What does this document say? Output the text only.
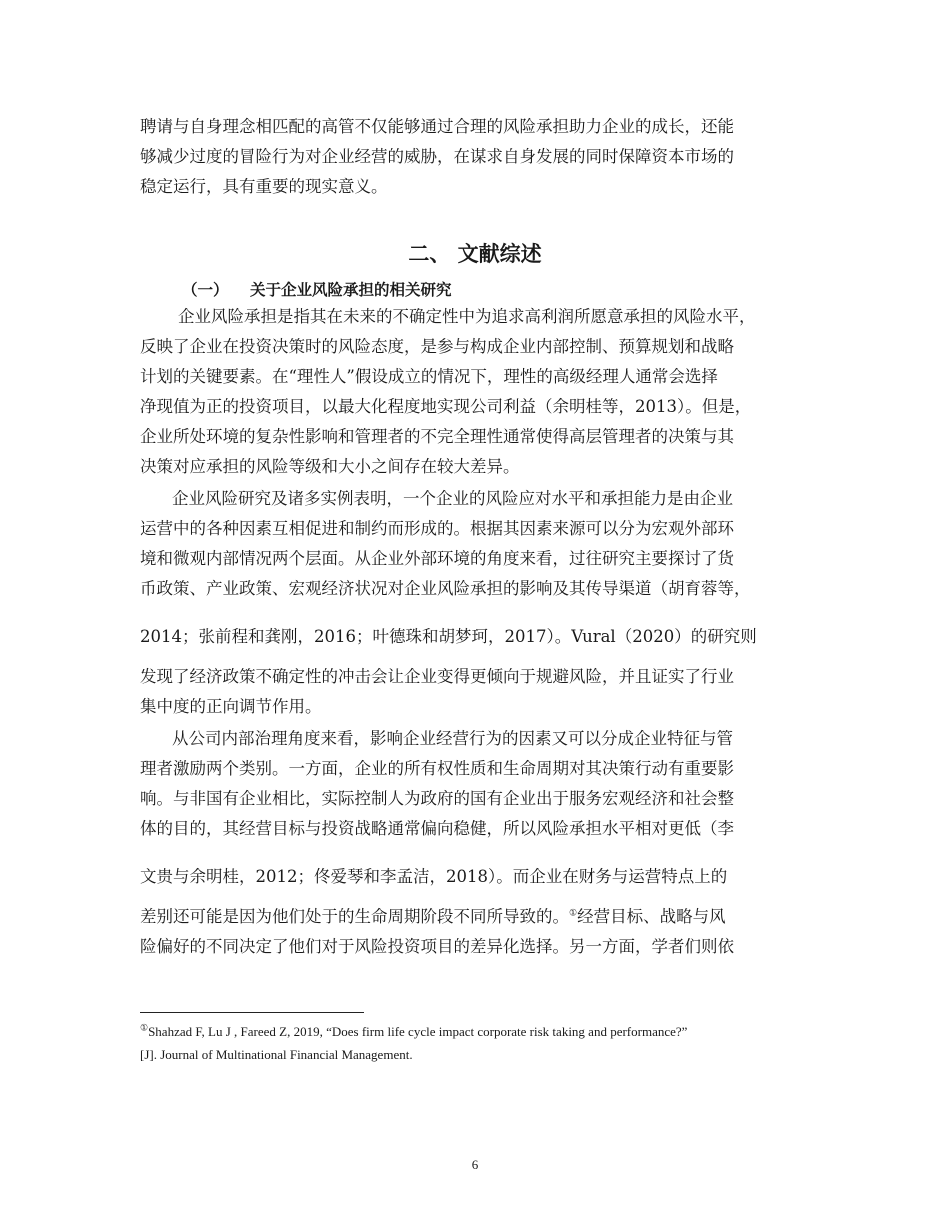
聘请与自身理念相匹配的高管不仅能够通过合理的风险承担助力企业的成长，还能
够减少过度的冒险行为对企业经营的威胁，在谋求自身发展的同时保障资本市场的
稳定运行，具有重要的现实意义。
二、 文献综述
（一） 关于企业风险承担的相关研究
企业风险承担是指其在未来的不确定性中为追求高利润所愿意承担的风险水平，
反映了企业在投资决策时的风险态度，是参与构成企业内部控制、预算规划和战略
计划的关键要素。在“理性人”假设成立的情况下，理性的高级经理人通常会选择
净现值为正的投资项目，以最大化程度地实现公司利益（余明桂等，2013）。但是，
企业所处环境的复杂性影响和管理者的不完全理性通常使得高层管理者的决策与其
决策对应承担的风险等级和大小之间存在较大差异。
企业风险研究及诸多实例表明，一个企业的风险应对水平和承担能力是由企业
运营中的各种因素互相促进和制约而形成的。根据其因素来源可以分为宏观外部环
境和微观内部情况两个层面。从企业外部环境的角度来看，过往研究主要探讨了货
币政策、产业政策、宏观经济状况对企业风险承担的影响及其传导渠道（胡育蓉等，
2014；张前程和龚刚，2016；叶德珠和胡梦珂，2017）。Vural（2020）的研究则
发现了经济政策不确定性的冲击会让企业变得更倾向于规避风险，并且证实了行业
集中度的正向调节作用。
从公司内部治理角度来看，影响企业经营行为的因素又可以分成企业特征与管
理者激励两个类别。一方面，企业的所有权性质和生命周期对其决策行动有重要影
响。与非国有企业相比，实际控制人为政府的国有企业出于服务宏观经济和社会整
体的目的，其经营目标与投资战略通常偏向稳健，所以风险承担水平相对更低（李
文贵与余明桂，2012；佟爱琴和李孟洁，2018）。而企业在财务与运营特点上的
差别还可能是因为他们处于的生命周期阶段不同所导致的。①经营目标、战略与风
险偏好的不同决定了他们对于风险投资项目的差异化选择。另一方面，学者们则依
①Shahzad F, Lu J , Fareed Z, 2019, “Does firm life cycle impact corporate risk taking and performance?”
[J]. Journal of Multinational Financial Management.
6
